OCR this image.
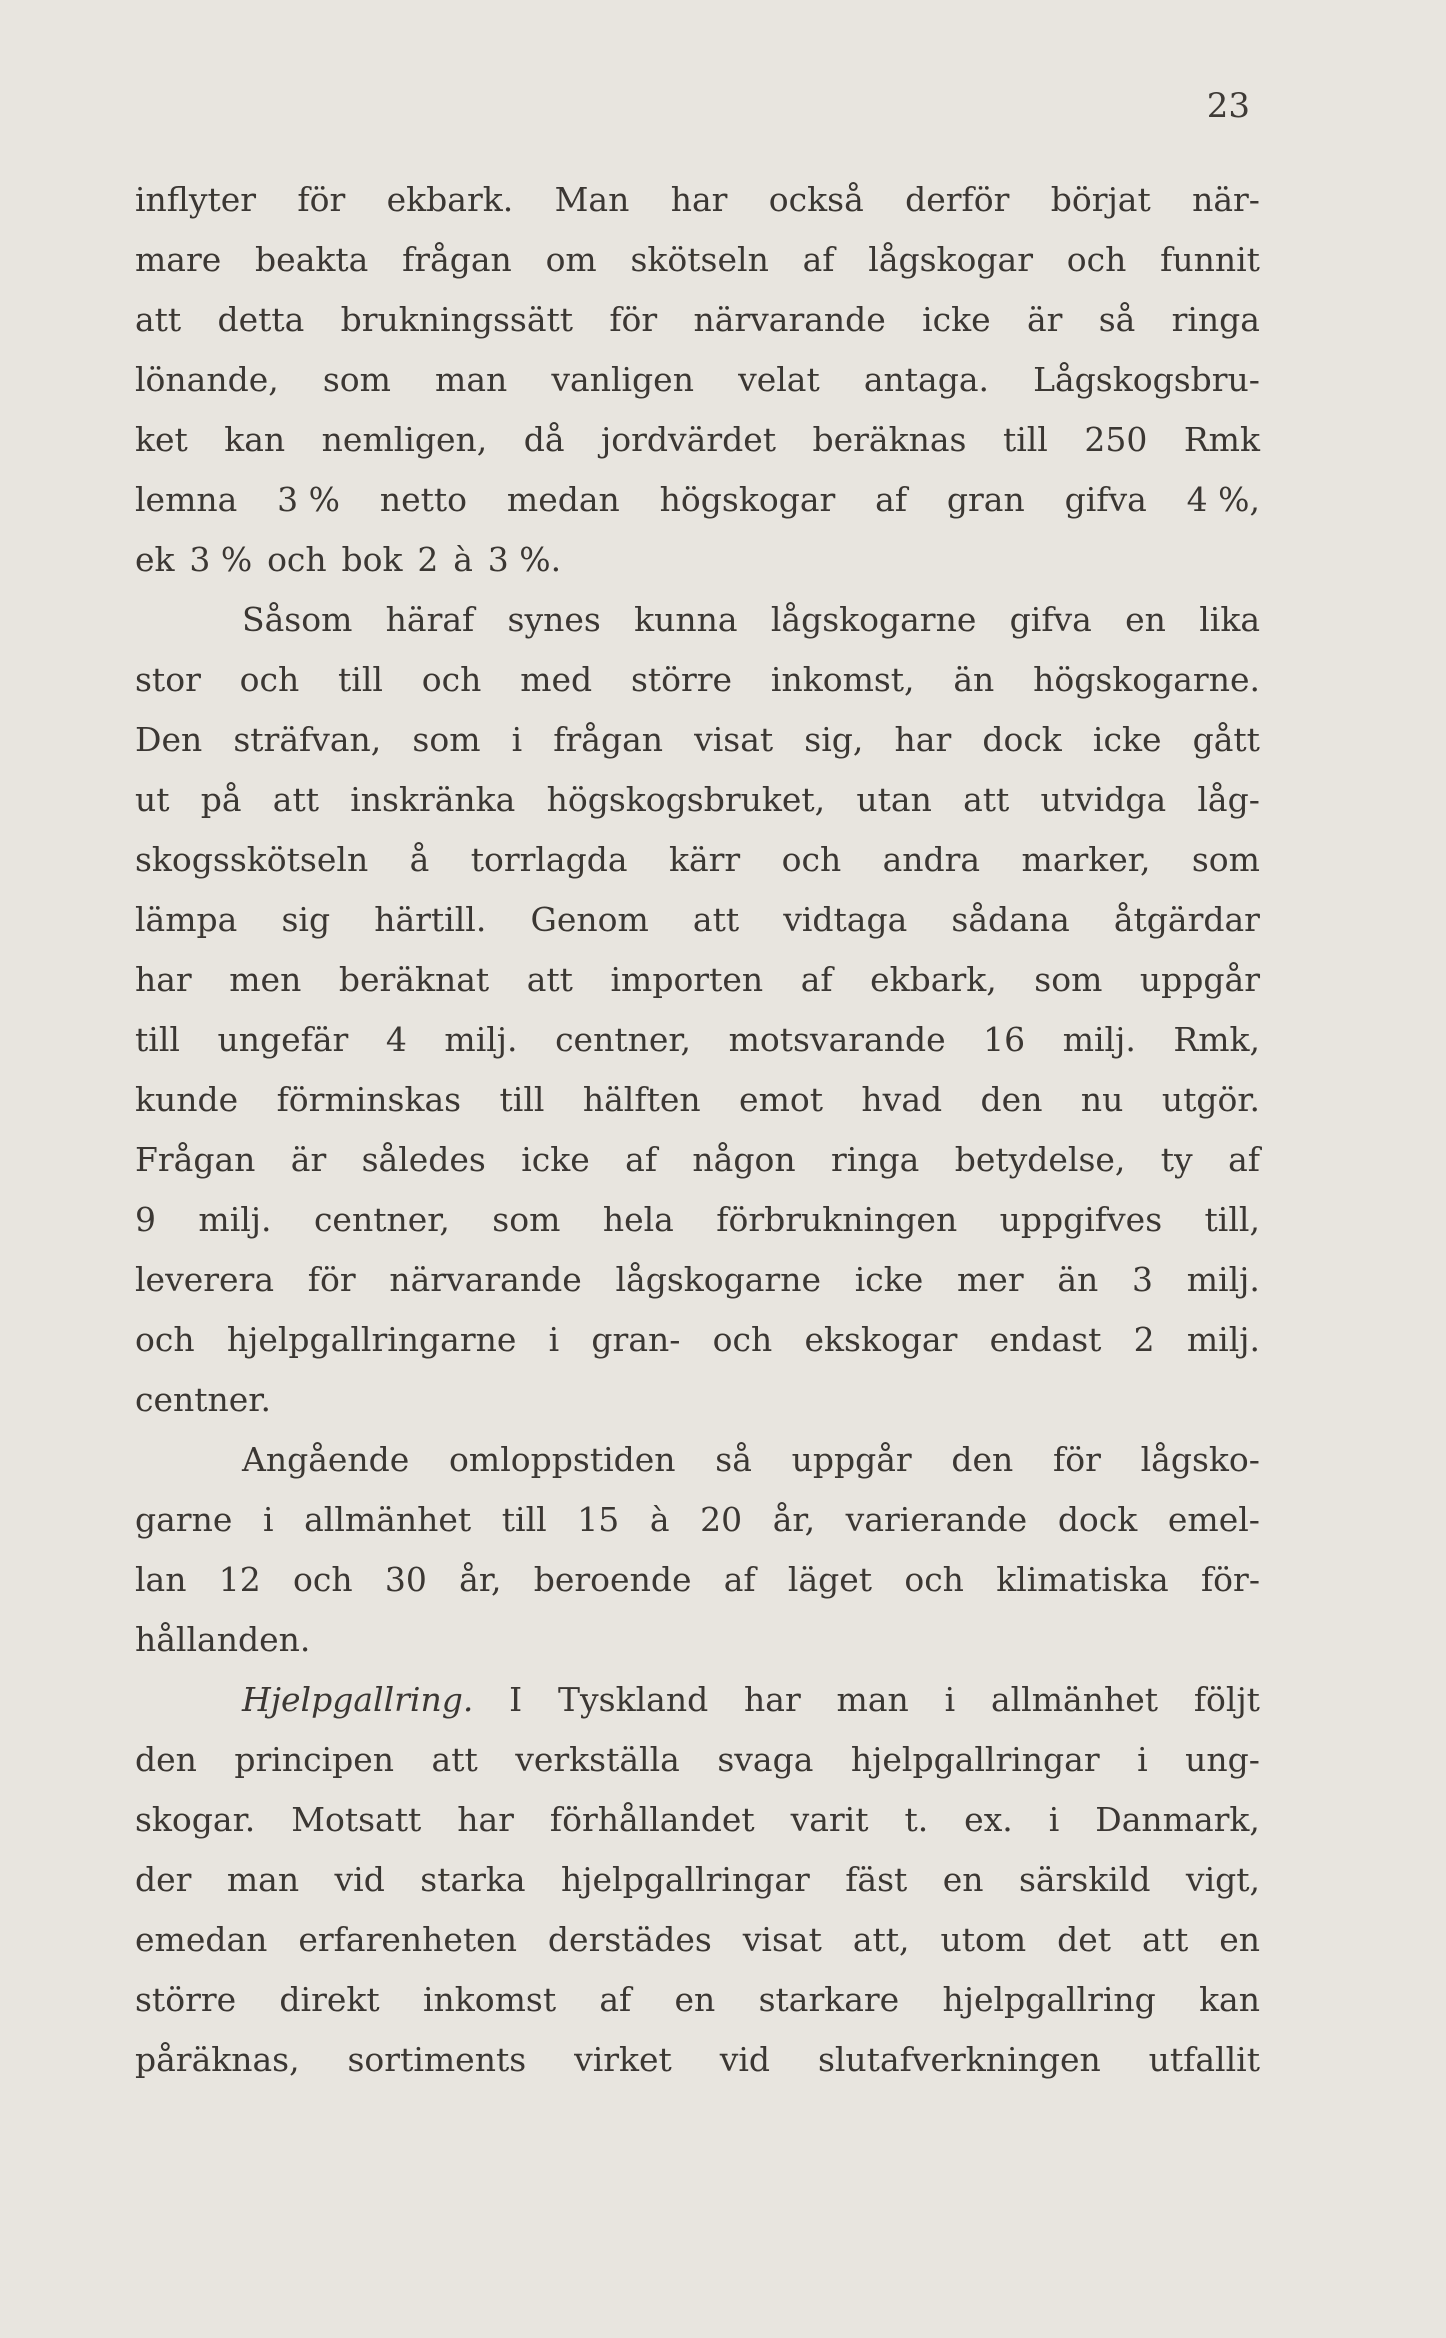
23
inflyter för ekbark. Man har också derför börjat när-
mare beakta frågan om skötseln af lågskogar och funnit
att detta brukningssätt för närvarande icke är så ringa
lönande, som man vanligen velat antaga. Lågskogsbru-
ket kan nemligen, då jordvärdet beräknas till 250 Rmk
lemna 3 % netto medan högskogar af gran gifva 4 %,
ek 3 % och bok 2 à 3 %.
Såsom häraf synes kunna lågskogarne gifva en lika
stor och till och med större inkomst, än högskogarne.
Den sträfvan, som i frågan visat sig, har dock icke gått
ut på att inskränka högskogsbruket, utan att utvidga låg-
skogsskötseln å torrlagda kärr och andra marker, som
lämpa sig härtill. Genom att vidtaga sådana åtgärdar
har men beräknat att importen af ekbark, som uppgår
till ungefär 4 milj. centner, motsvarande 16 milj. Rmk,
kunde förminskas till hälften emot hvad den nu utgör.
Frågan är således icke af någon ringa betydelse, ty af
9 milj. centner, som hela förbrukningen uppgifves till,
leverera för närvarande lågskogarne icke mer än 3 milj.
och hjelpgallringarne i gran- och ekskogar endast 2 milj.
centner.
Angående omloppstiden så uppgår den för lågsko-
garne i allmänhet till 15 à 20 år, varierande dock emel-
lan 12 och 30 år, beroende af läget och klimatiska för-
hållanden.
Hjelpgallring. I Tyskland har man i allmänhet följt
den principen att verkställa svaga hjelpgallringar i ung-
skogar. Motsatt har förhållandet varit t. ex. i Danmark,
der man vid starka hjelpgallringar fäst en särskild vigt,
emedan erfarenheten derstädes visat att, utom det att en
större direkt inkomst af en starkare hjelpgallring kan
påräknas, sortiments virket vid slutafverkningen utfallit
